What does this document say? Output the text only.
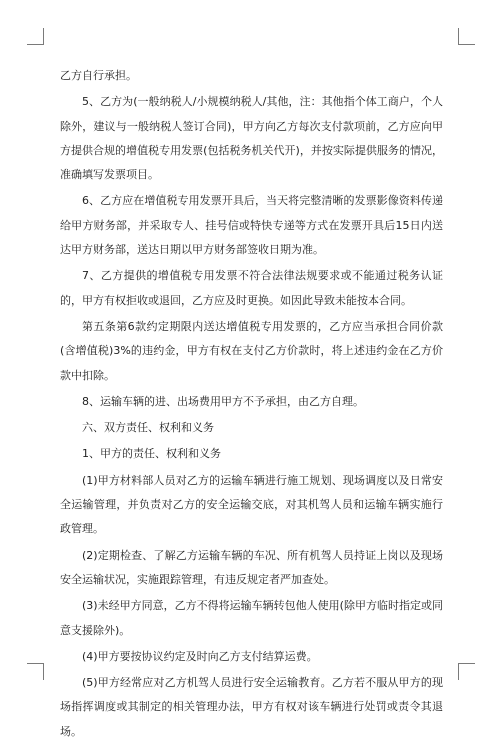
乙方自行承担。

5、乙方为(一般纳税人/小规模纳税人/其他，注：其他指个体工商户，个人除外，建议与一般纳税人签订合同)，甲方向乙方每次支付款项前，乙方应向甲方提供合规的增值税专用发票(包括税务机关代开)，并按实际提供服务的情况，准确填写发票项目。

6、乙方应在增值税专用发票开具后，当天将完整清晰的发票影像资料传递给甲方财务部，并采取专人、挂号信或特快专递等方式在发票开具后15日内送达甲方财务部，送达日期以甲方财务部签收日期为准。

7、乙方提供的增值税专用发票不符合法律法规要求或不能通过税务认证的，甲方有权拒收或退回，乙方应及时更换。如因此导致未能按本合同。

第五条第6款约定期限内送达增值税专用发票的，乙方应当承担合同价款(含增值税)3%的违约金，甲方有权在支付乙方价款时，将上述违约金在乙方价款中扣除。

8、运输车辆的进、出场费用甲方不予承担，由乙方自理。

六、双方责任、权利和义务

1、甲方的责任、权利和义务

(1)甲方材料部人员对乙方的运输车辆进行施工规划、现场调度以及日常安全运输管理，并负责对乙方的安全运输交底，对其机驾人员和运输车辆实施行政管理。

(2)定期检查、了解乙方运输车辆的车况、所有机驾人员持证上岗以及现场安全运输状况，实施跟踪管理，有违反规定者严加查处。

(3)未经甲方同意，乙方不得将运输车辆转包他人使用(除甲方临时指定或同意支援除外)。

(4)甲方要按协议约定及时向乙方支付结算运费。

(5)甲方经常应对乙方机驾人员进行安全运输教育。乙方若不服从甲方的现场指挥调度或其制定的相关管理办法，甲方有权对该车辆进行处罚或责令其退场。
